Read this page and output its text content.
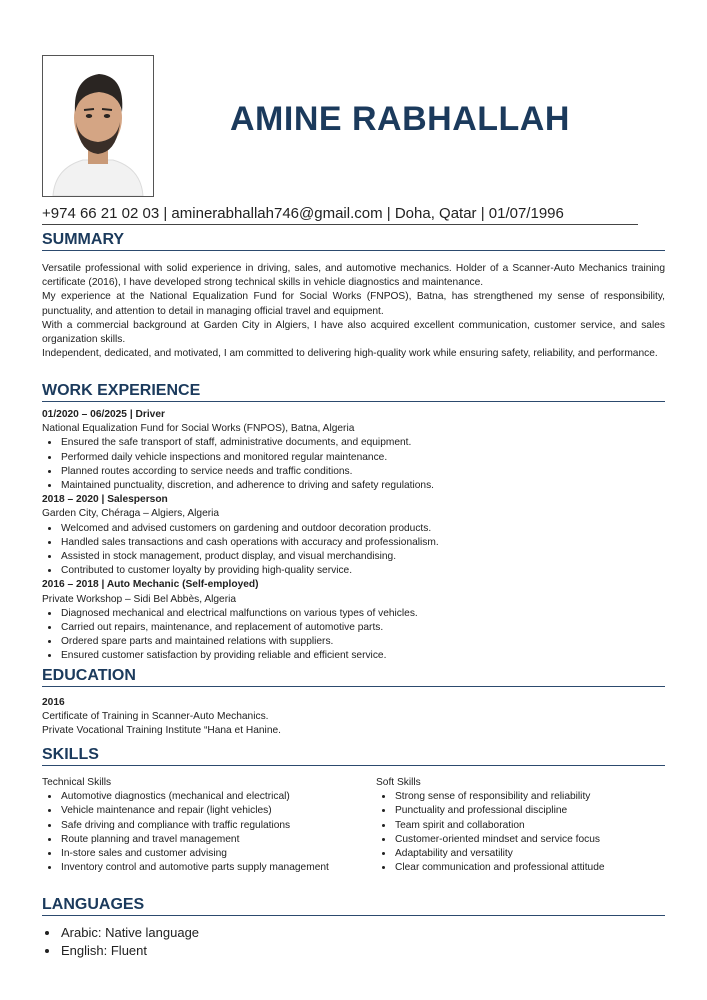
AMINE RABHALLAH
+974 66 21 02 03 | aminerabhallah746@gmail.com | Doha, Qatar | 01/07/1996
SUMMARY

Versatile professional with solid experience in driving, sales, and automotive mechanics. Holder of a Scanner-Auto Mechanics training certificate (2016), I have developed strong technical skills in vehicle diagnostics and maintenance.

My experience at the National Equalization Fund for Social Works (FNPOS), Batna, has strengthened my sense of responsibility, punctuality, and attention to detail in managing official travel and equipment.

With a commercial background at Garden City in Algiers, I have also acquired excellent communication, customer service, and sales organization skills.

Independent, dedicated, and motivated, I am committed to delivering high-quality work while ensuring safety, reliability, and performance.

WORK EXPERIENCE
01/2020 – 06/2025 | Driver
National Equalization Fund for Social Works (FNPOS), Batna, Algeria
• Ensured the safe transport of staff, administrative documents, and equipment.
• Performed daily vehicle inspections and monitored regular maintenance.
• Planned routes according to service needs and traffic conditions.
• Maintained punctuality, discretion, and adherence to driving and safety regulations.
2018 – 2020 | Salesperson
Garden City, Chéraga – Algiers, Algeria
• Welcomed and advised customers on gardening and outdoor decoration products.
• Handled sales transactions and cash operations with accuracy and professionalism.
• Assisted in stock management, product display, and visual merchandising.
• Contributed to customer loyalty by providing high-quality service.
2016 – 2018 | Auto Mechanic (Self-employed)
Private Workshop – Sidi Bel Abbès, Algeria
• Diagnosed mechanical and electrical malfunctions on various types of vehicles.
• Carried out repairs, maintenance, and replacement of automotive parts.
• Ordered spare parts and maintained relations with suppliers.
• Ensured customer satisfaction by providing reliable and efficient service.
EDUCATION
2016
Certificate of Training in Scanner-Auto Mechanics.
Private Vocational Training Institute “Hana et Hanine.
SKILLS
Technical Skills
• Automotive diagnostics (mechanical and electrical)
• Vehicle maintenance and repair (light vehicles)
• Safe driving and compliance with traffic regulations
• Route planning and travel management
• In-store sales and customer advising
• Inventory control and automotive parts supply management
Soft Skills
• Strong sense of responsibility and reliability
• Punctuality and professional discipline
• Team spirit and collaboration
• Customer-oriented mindset and service focus
• Adaptability and versatility
• Clear communication and professional attitude
LANGUAGES
• Arabic: Native language
• English: Fluent
